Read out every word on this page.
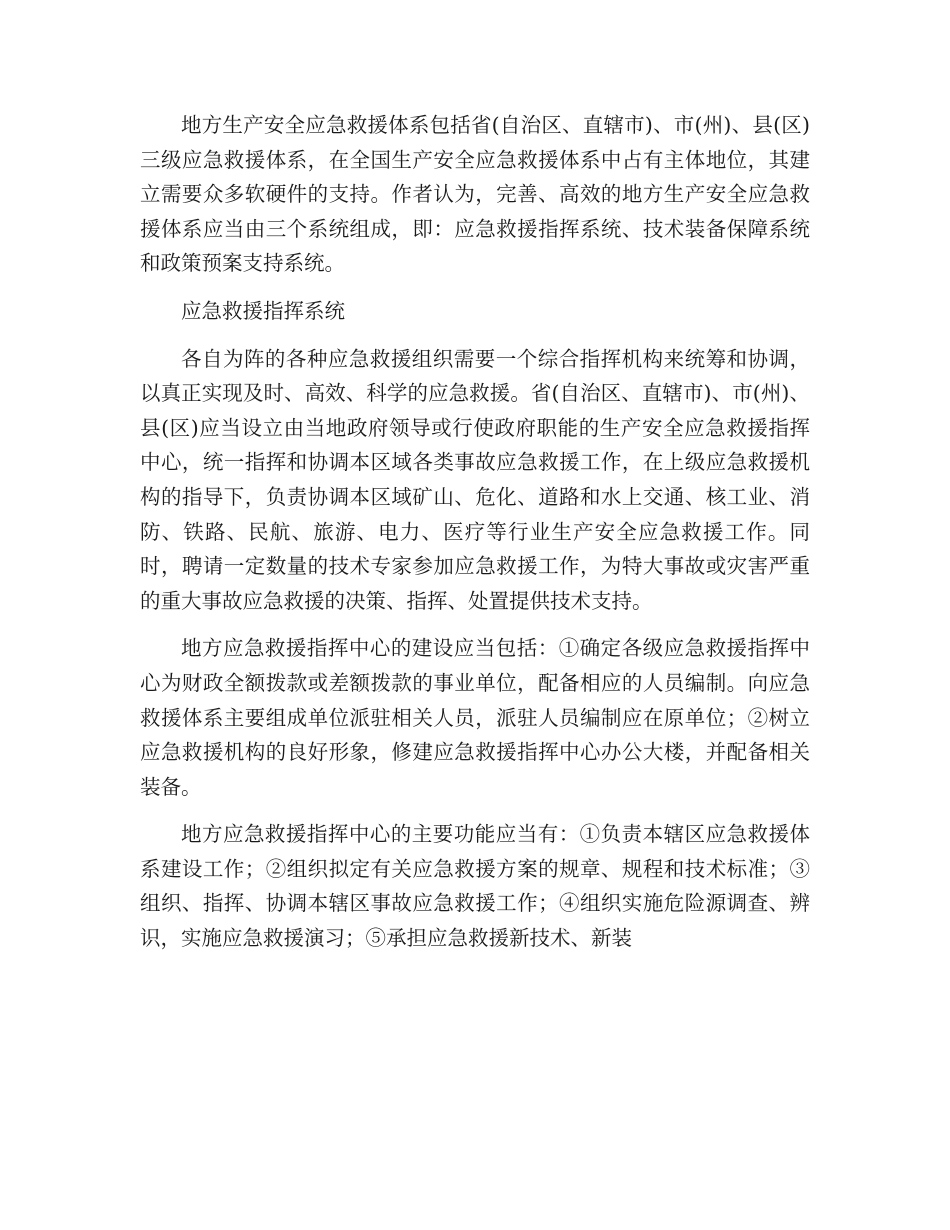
地方生产安全应急救援体系包括省(自治区、直辖市)、市(州)、县(区)三级应急救援体系，在全国生产安全应急救援体系中占有主体地位，其建立需要众多软硬件的支持。作者认为，完善、高效的地方生产安全应急救援体系应当由三个系统组成，即：应急救援指挥系统、技术装备保障系统和政策预案支持系统。

应急救援指挥系统

各自为阵的各种应急救援组织需要一个综合指挥机构来统筹和协调，以真正实现及时、高效、科学的应急救援。省(自治区、直辖市)、市(州)、县(区)应当设立由当地政府领导或行使政府职能的生产安全应急救援指挥中心，统一指挥和协调本区域各类事故应急救援工作，在上级应急救援机构的指导下，负责协调本区域矿山、危化、道路和水上交通、核工业、消防、铁路、民航、旅游、电力、医疗等行业生产安全应急救援工作。同时，聘请一定数量的技术专家参加应急救援工作，为特大事故或灾害严重的重大事故应急救援的决策、指挥、处置提供技术支持。

地方应急救援指挥中心的建设应当包括：①确定各级应急救援指挥中心为财政全额拨款或差额拨款的事业单位，配备相应的人员编制。向应急救援体系主要组成单位派驻相关人员，派驻人员编制应在原单位；②树立应急救援机构的良好形象，修建应急救援指挥中心办公大楼，并配备相关装备。

地方应急救援指挥中心的主要功能应当有：①负责本辖区应急救援体系建设工作；②组织拟定有关应急救援方案的规章、规程和技术标准；③组织、指挥、协调本辖区事故应急救援工作；④组织实施危险源调查、辨识，实施应急救援演习；⑤承担应急救援新技术、新装
